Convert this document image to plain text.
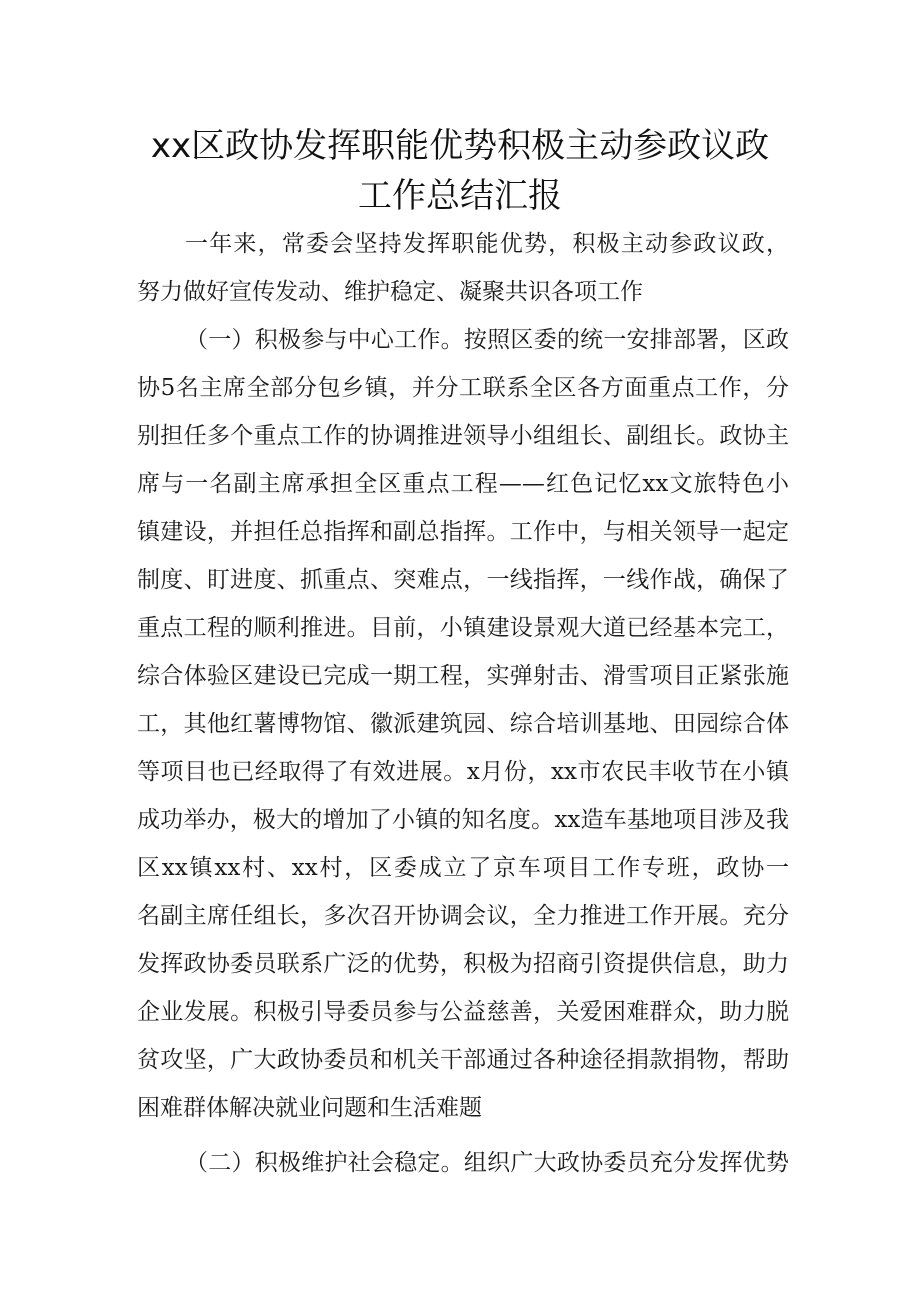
xx区政协发挥职能优势积极主动参政议政
工作总结汇报
一年来，常委会坚持发挥职能优势，积极主动参政议政，
努力做好宣传发动、维护稳定、凝聚共识各项工作
（一）积极参与中心工作。按照区委的统一安排部署，区政
协5名主席全部分包乡镇，并分工联系全区各方面重点工作，分
别担任多个重点工作的协调推进领导小组组长、副组长。政协主
席与一名副主席承担全区重点工程——红色记忆xx文旅特色小
镇建设，并担任总指挥和副总指挥。工作中，与相关领导一起定
制度、盯进度、抓重点、突难点，一线指挥，一线作战，确保了
重点工程的顺利推进。目前，小镇建设景观大道已经基本完工，
综合体验区建设已完成一期工程，实弹射击、滑雪项目正紧张施
工，其他红薯博物馆、徽派建筑园、综合培训基地、田园综合体
等项目也已经取得了有效进展。x月份，xx市农民丰收节在小镇
成功举办，极大的增加了小镇的知名度。xx造车基地项目涉及我
区xx镇xx村、xx村，区委成立了京车项目工作专班，政协一
名副主席任组长，多次召开协调会议，全力推进工作开展。充分
发挥政协委员联系广泛的优势，积极为招商引资提供信息，助力
企业发展。积极引导委员参与公益慈善，关爱困难群众，助力脱
贫攻坚，广大政协委员和机关干部通过各种途径捐款捐物，帮助
困难群体解决就业问题和生活难题
（二）积极维护社会稳定。组织广大政协委员充分发挥优势
